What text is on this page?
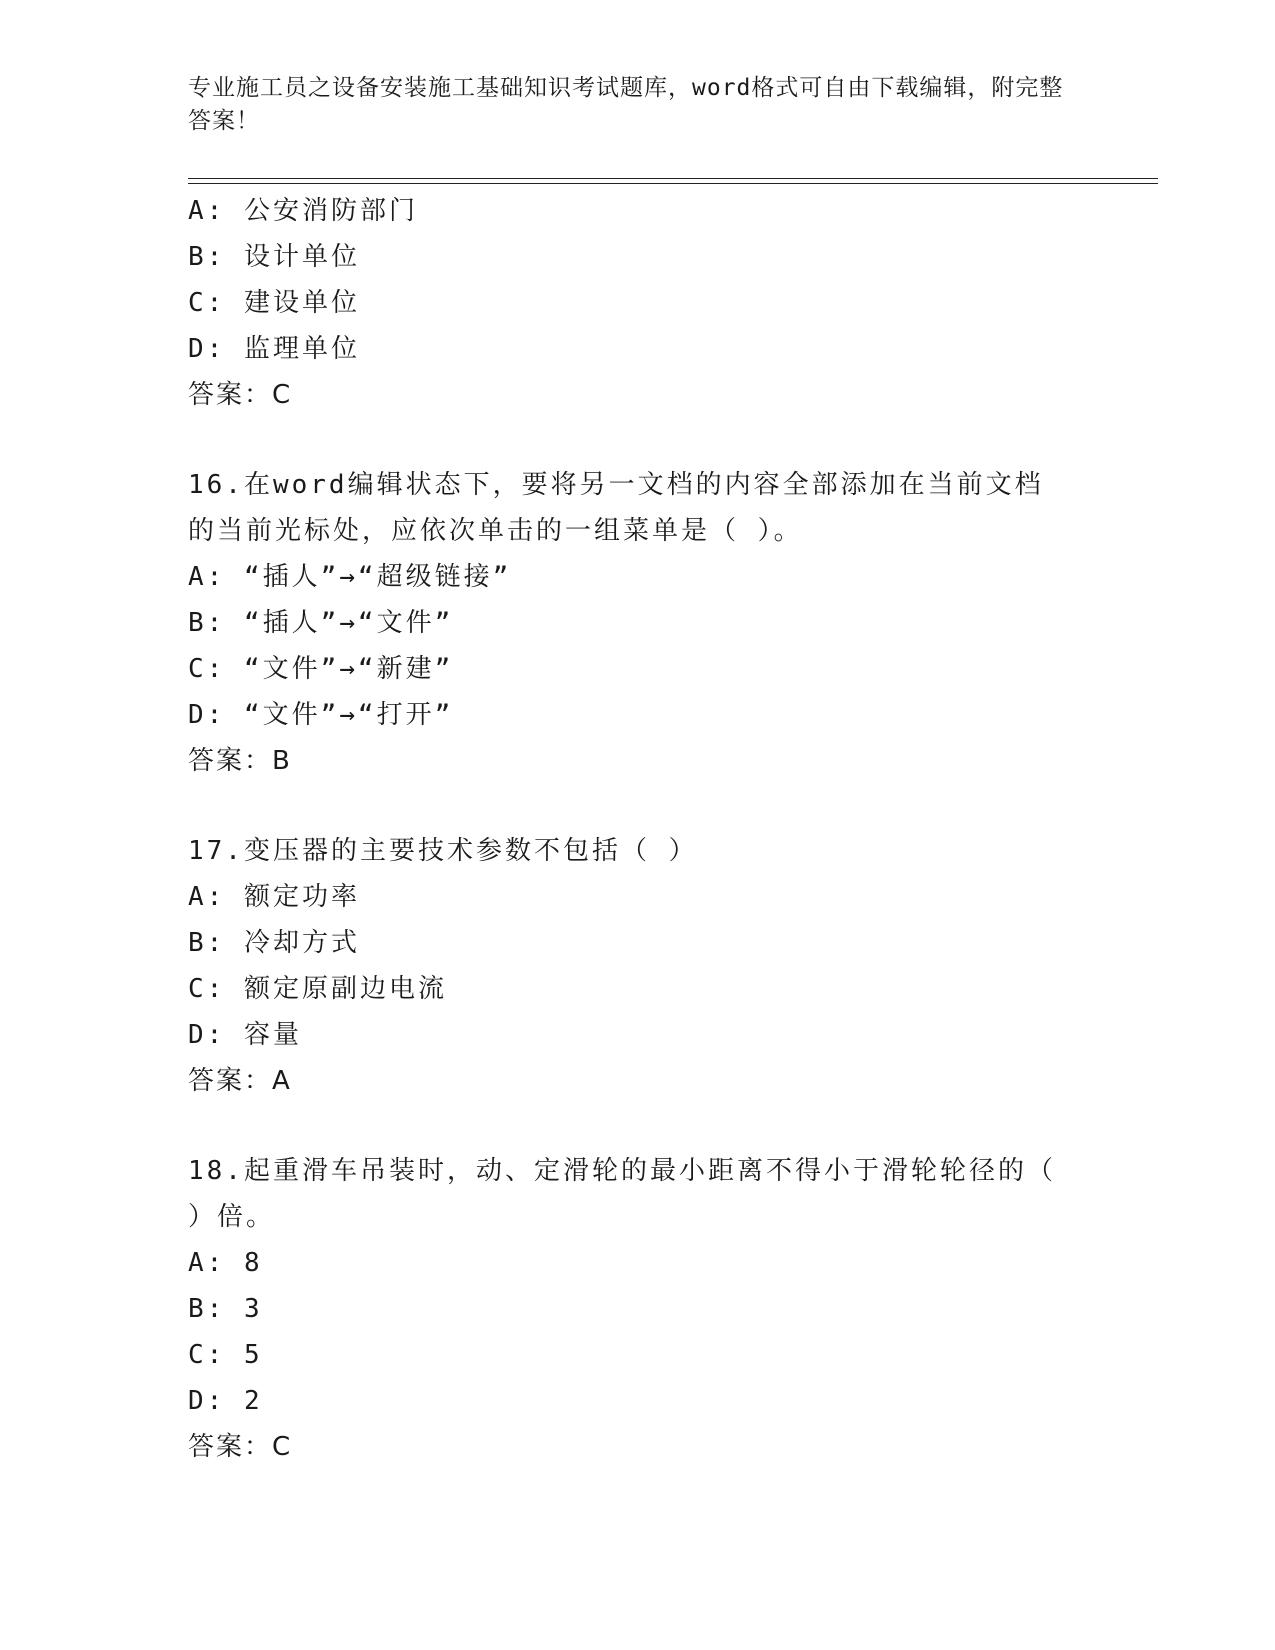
专业施工员之设备安装施工基础知识考试题库，word格式可自由下载编辑，附完整答案！
A: 公安消防部门
B: 设计单位
C: 建设单位
D: 监理单位
答案：C
16.在word编辑状态下，要将另一文档的内容全部添加在当前文档的当前光标处，应依次单击的一组菜单是（ ）。
A: “插人”→“超级链接”
B: “插人”→“文件”
C: “文件”→“新建”
D: “文件”→“打开”
答案：B
17.变压器的主要技术参数不包括（ ）
A: 额定功率
B: 冷却方式
C: 额定原副边电流
D: 容量
答案：A
18.起重滑车吊装时，动、定滑轮的最小距离不得小于滑轮轮径的（ ）倍。
A: 8
B: 3
C: 5
D: 2
答案：C
